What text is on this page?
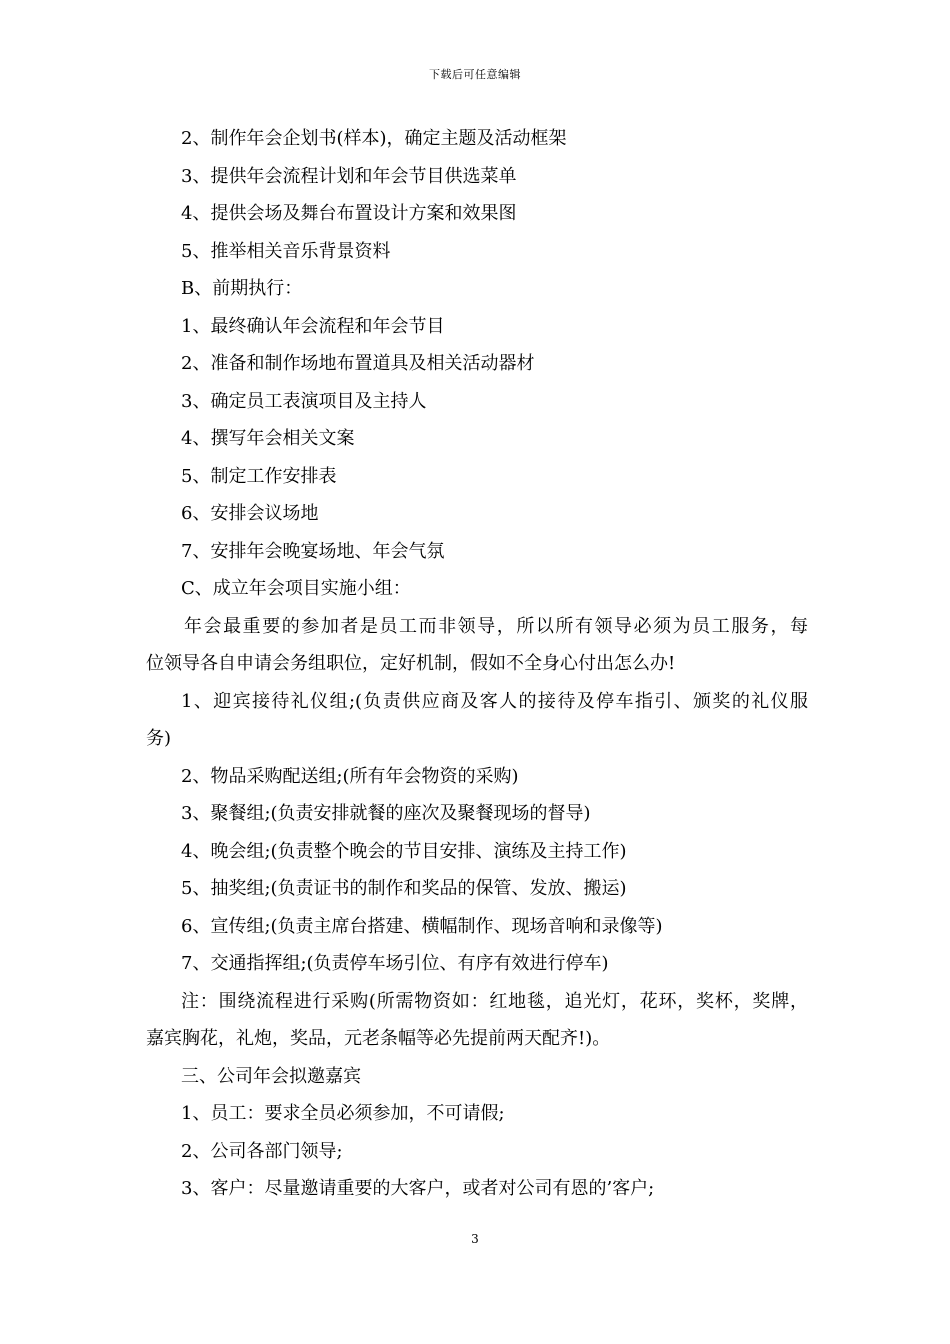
下载后可任意编辑
2、制作年会企划书(样本)，确定主题及活动框架
3、提供年会流程计划和年会节目供选菜单
4、提供会场及舞台布置设计方案和效果图
5、推举相关音乐背景资料
B、前期执行：
1、最终确认年会流程和年会节目
2、准备和制作场地布置道具及相关活动器材
3、确定员工表演项目及主持人
4、撰写年会相关文案
5、制定工作安排表
6、安排会议场地
7、安排年会晚宴场地、年会气氛
C、成立年会项目实施小组：
年会最重要的参加者是员工而非领导，所以所有领导必须为员工服务，每
位领导各自申请会务组职位，定好机制，假如不全身心付出怎么办!
1、迎宾接待礼仪组;(负责供应商及客人的接待及停车指引、颁奖的礼仪服
务)
2、物品采购配送组;(所有年会物资的采购)
3、聚餐组;(负责安排就餐的座次及聚餐现场的督导)
4、晚会组;(负责整个晚会的节目安排、演练及主持工作)
5、抽奖组;(负责证书的制作和奖品的保管、发放、搬运)
6、宣传组;(负责主席台搭建、横幅制作、现场音响和录像等)
7、交通指挥组;(负责停车场引位、有序有效进行停车)
注：围绕流程进行采购(所需物资如：红地毯，追光灯，花环，奖杯，奖牌，
嘉宾胸花，礼炮，奖品，元老条幅等必先提前两天配齐!)。
三、公司年会拟邀嘉宾
1、员工：要求全员必须参加，不可请假;
2、公司各部门领导;
3、客户：尽量邀请重要的大客户，或者对公司有恩的’客户;
3
